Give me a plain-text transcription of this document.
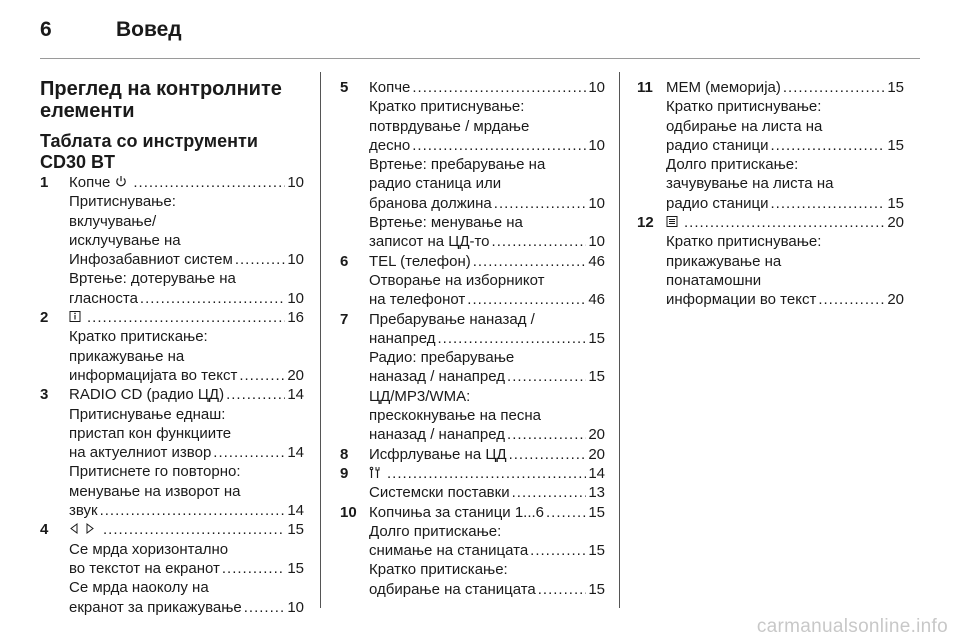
6	Вовед
Преглед на контролните
елементи
Таблата со инструменти
CD30 BT
1 Копче .....	10
Притиснување:
вклучување/
исклучување на
Инфозабавниот систем .....	10
Вртење: дотерување на
гласноста .....	10
2 .....	16
Кратко притискање:
прикажување на
информацијата во текст .....	20
3 RADIO CD (радио ЦД) .....	14
Притиснување еднаш:
пристап кон функциите
на актуелниот извор .....	14
Притиснете го повторно:
менување на изворот на
звук .....	14
4 .....	15
Се мрда хоризонтално
во текстот на екранот .....	15
Се мрда наоколу на
екранот за прикажување .....	10
5 Копче .....	10
Кратко притиснување:
потврдување / мрдање
десно .....	10
Вртење: пребарување на
радио станица или
бранова должина .....	10
Вртење: менување на
записот на ЦД-то .....	10
6 TEL (телефон) .....	46
Отворање на изборникот
на телефонот .....	46
7 Пребарување наназад /
нанапред .....	15
Радио: пребарување
наназад / нанапред .....	15
ЦД/MP3/WMA:
прескокнување на песна
наназад / нанапред .....	20
8 Исфрлување на ЦД .....	20
9 .....	14
Системски поставки .....	13
10 Копчиња за станици 1...6 .....	15
Долго притискање:
снимање на станицата .....	15
Кратко притискање:
одбирање на станицата .....	15
11 MEM (меморија) .....	15
Кратко притиснување:
одбирање на листа на
радио станици .....	15
Долго притискање:
зачувување на листа на
радио станици .....	15
12 .....	20
Кратко притиснување:
прикажување на
понатамошни
информации во текст .....	20
carmanualsonline.info
